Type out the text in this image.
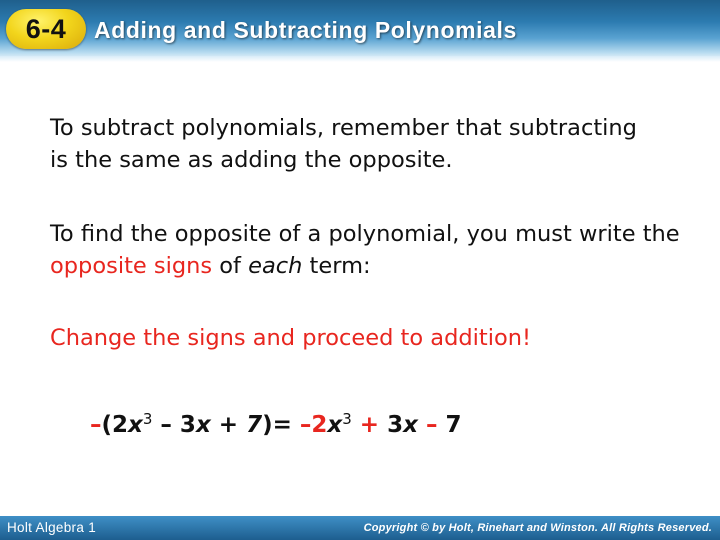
6-4 Adding and Subtracting Polynomials

To subtract polynomials, remember that subtracting is the same as adding the opposite.

To find the opposite of a polynomial, you must write the opposite signs of each term:

Change the signs and proceed to addition!

$-(2x^3 - 3x + 7)= -2x^3 + 3x - 7$
Holt Algebra 1	Copyright © by Holt, Rinehart and Winston. All Rights Reserved.
